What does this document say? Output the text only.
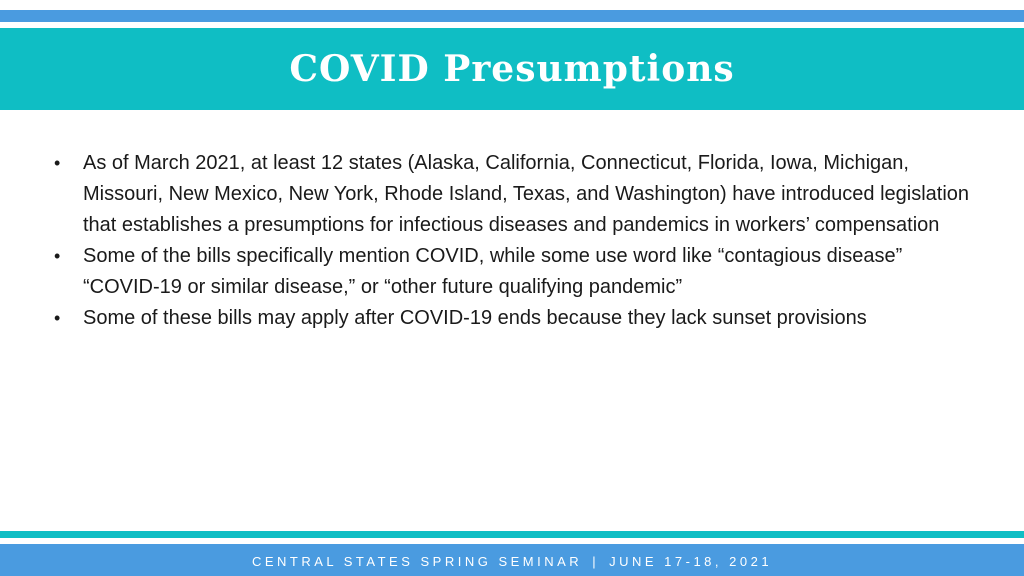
COVID Presumptions
• As of March 2021, at least 12 states (Alaska, California, Connecticut, Florida, Iowa, Michigan, Missouri, New Mexico, New York, Rhode Island, Texas, and Washington) have introduced legislation that establishes a presumptions for infectious diseases and pandemics in workers’ compensation
• Some of the bills specifically mention COVID, while some use word like “contagious disease” “COVID-19 or similar disease,” or “other future qualifying pandemic”
• Some of these bills may apply after COVID-19 ends because they lack sunset provisions
CENTRAL STATES SPRING SEMINAR | JUNE 17-18, 2021
